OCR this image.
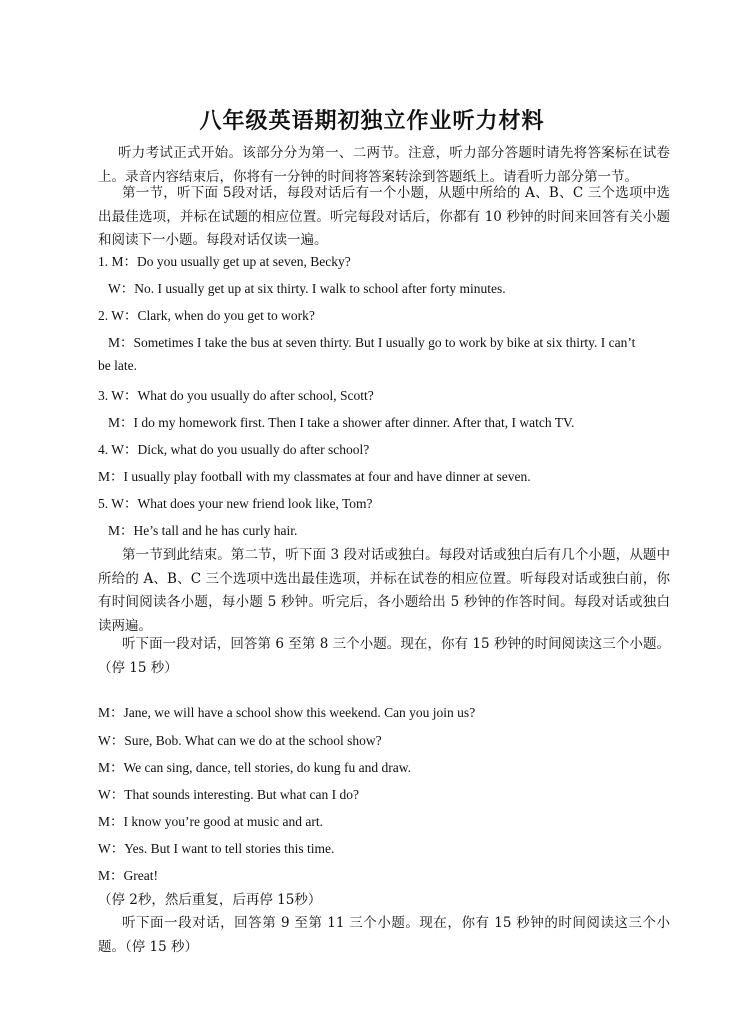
八年级英语期初独立作业听力材料
听力考试正式开始。该部分分为第一、二两节。注意，听力部分答题时请先将答案标在试卷上。录音内容结束后，你将有一分钟的时间将答案转涂到答题纸上。请看听力部分第一节。
第一节，听下面 5段对话，每段对话后有一个小题，从题中所给的 A、B、C 三个选项中选出最佳选项，并标在试题的相应位置。听完每段对话后，你都有 10 秒钟的时间来回答有关小题和阅读下一小题。每段对话仅读一遍。
1. M：Do you usually get up at seven, Becky?
W：No. I usually get up at six thirty. I walk to school after forty minutes.
2. W：Clark, when do you get to work?
M：Sometimes I take the bus at seven thirty. But I usually go to work by bike at six thirty. I can’t
be late.
3. W：What do you usually do after school, Scott?
M：I do my homework first. Then I take a shower after dinner. After that, I watch TV.
4. W：Dick, what do you usually do after school?
M：I usually play football with my classmates at four and have dinner at seven.
5. W：What does your new friend look like, Tom?
M：He’s tall and he has curly hair.
第一节到此结束。第二节，听下面 3 段对话或独白。每段对话或独白后有几个小题，从题中所给的 A、B、C 三个选项中选出最佳选项，并标在试卷的相应位置。听每段对话或独白前，你有时间阅读各小题，每小题 5 秒钟。听完后，各小题给出 5 秒钟的作答时间。每段对话或独白读两遍。
听下面一段对话，回答第 6 至第 8 三个小题。现在，你有 15 秒钟的时间阅读这三个小题。（停 15 秒）
M：Jane, we will have a school show this weekend. Can you join us?
W：Sure, Bob. What can we do at the school show?
M：We can sing, dance, tell stories, do kung fu and draw.
W：That sounds interesting. But what can I do?
M：I know you’re good at music and art.
W：Yes. But I want to tell stories this time.
M：Great!
（停 2秒，然后重复，后再停 15秒）
听下面一段对话，回答第 9 至第 11 三个小题。现在，你有 15 秒钟的时间阅读这三个小题。（停 15 秒）
